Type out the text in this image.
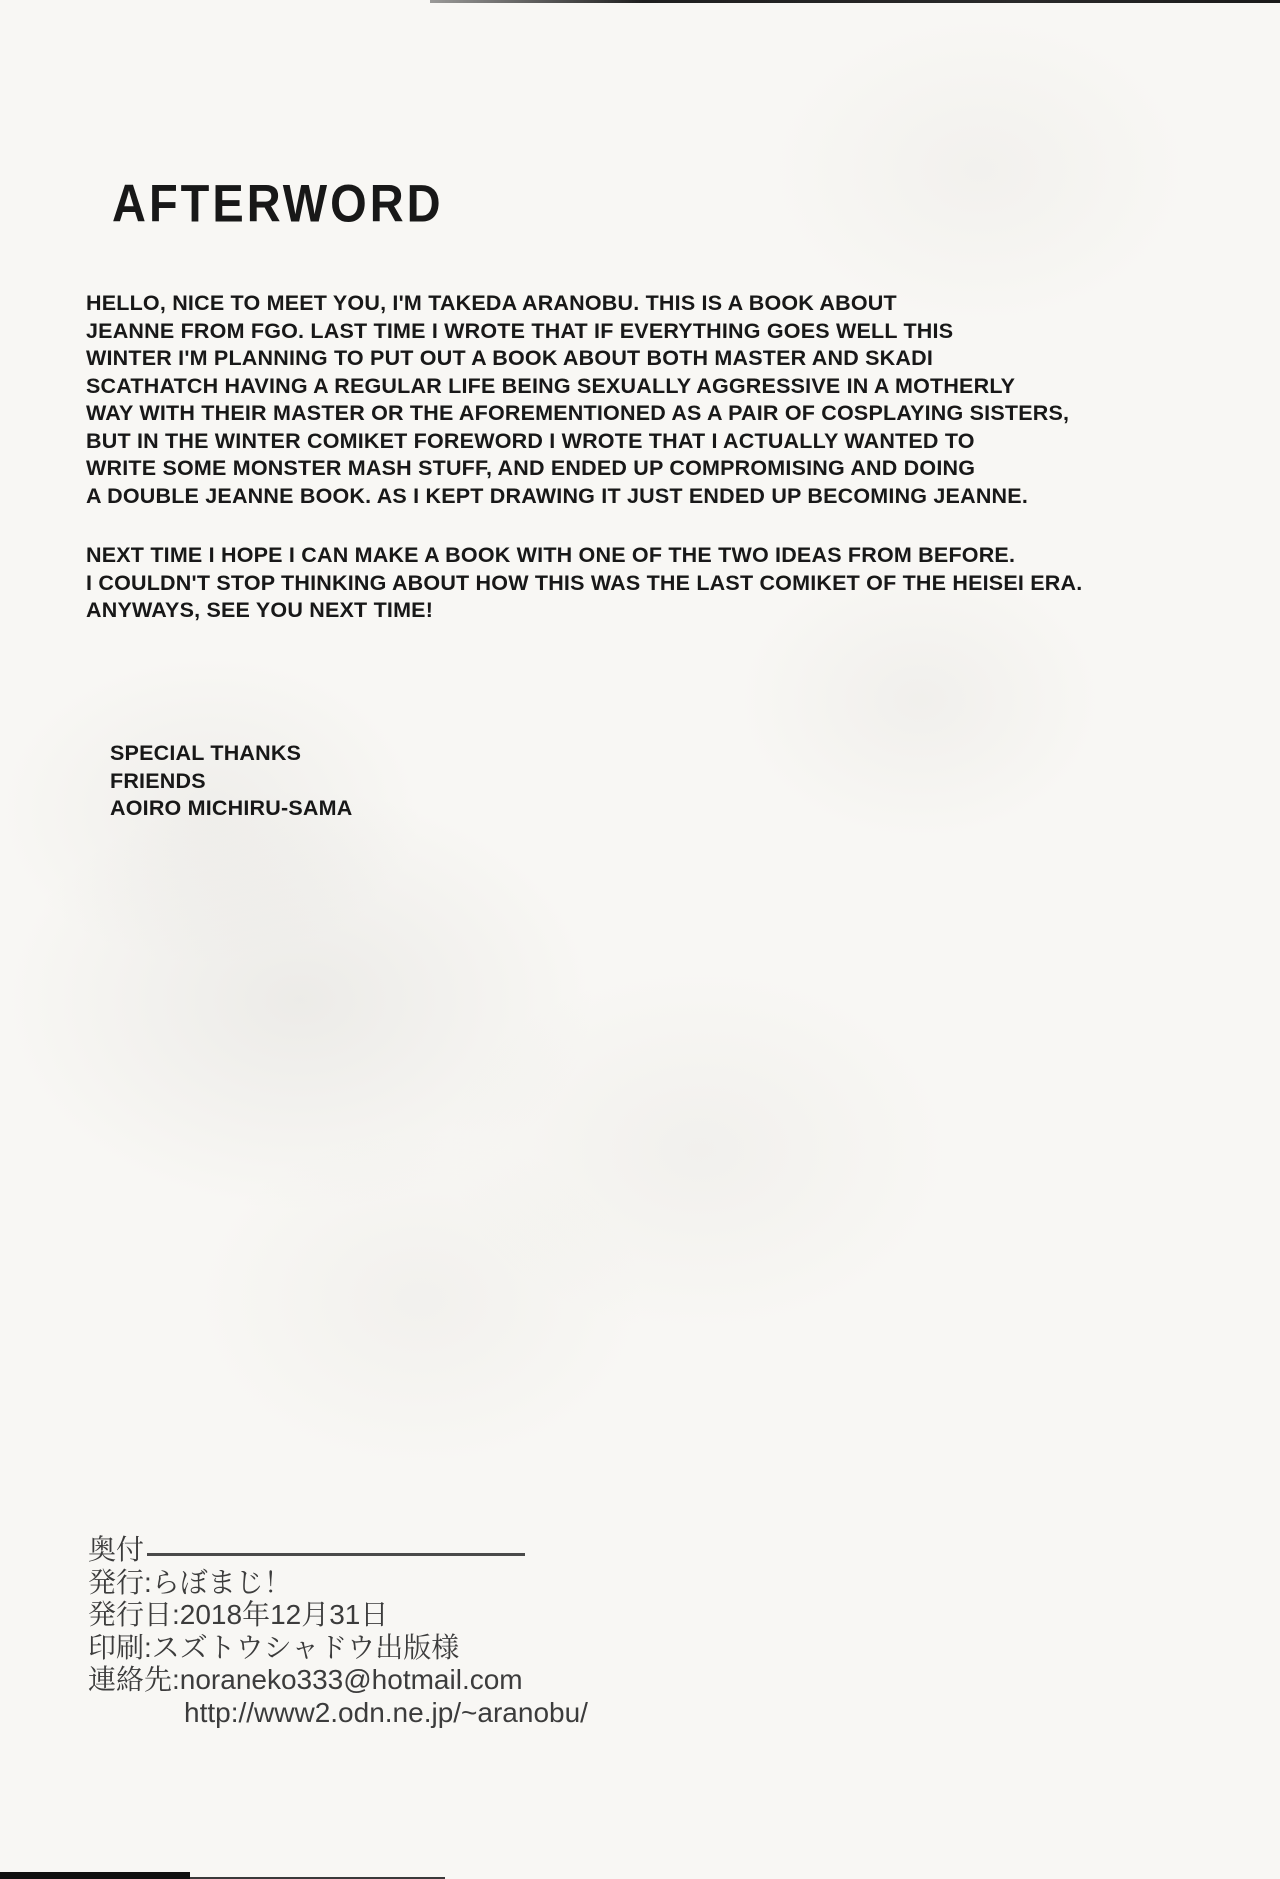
AFTERWORD
HELLO, NICE TO MEET YOU, I'M TAKEDA ARANOBU. THIS IS A BOOK ABOUT
JEANNE FROM FGO. LAST TIME I WROTE THAT IF EVERYTHING GOES WELL THIS
WINTER I'M PLANNING TO PUT OUT A BOOK ABOUT BOTH MASTER AND SKADI
SCATHATCH HAVING A REGULAR LIFE BEING SEXUALLY AGGRESSIVE IN A MOTHERLY
WAY WITH THEIR MASTER OR THE AFOREMENTIONED AS A PAIR OF COSPLAYING SISTERS,
BUT IN THE WINTER COMIKET FOREWORD I WROTE THAT I ACTUALLY WANTED TO
WRITE SOME MONSTER MASH STUFF, AND ENDED UP COMPROMISING AND DOING
A DOUBLE JEANNE BOOK. AS I KEPT DRAWING IT JUST ENDED UP BECOMING JEANNE.
NEXT TIME I HOPE I CAN MAKE A BOOK WITH ONE OF THE TWO IDEAS FROM BEFORE.
I COULDN'T STOP THINKING ABOUT HOW THIS WAS THE LAST COMIKET OF THE HEISEI ERA.
ANYWAYS, SEE YOU NEXT TIME!
SPECIAL THANKS
FRIENDS
AOIRO MICHIRU-SAMA
奥付
発行:らぼまじ！
発行日:2018年12月31日
印刷:スズトウシャドウ出版様
連絡先:noraneko333@hotmail.com
http://www2.odn.ne.jp/~aranobu/
